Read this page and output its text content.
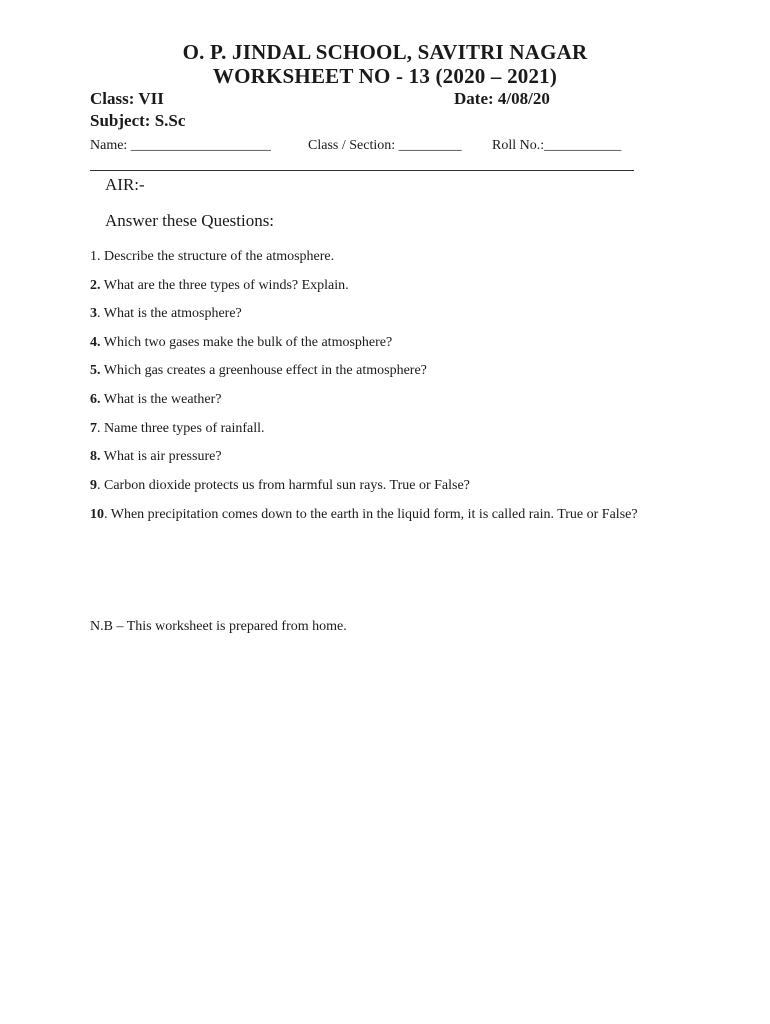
O. P. JINDAL SCHOOL, SAVITRI NAGAR
WORKSHEET NO - 13 (2020 – 2021)
Class: VII	Date: 4/08/20
Subject: S.Sc
Name: ____________________	Class / Section: _________ Roll No.:___________
AIR:-
Answer these Questions:
1. Describe the structure of the atmosphere.
2. What are the three types of winds? Explain.
3. What is the atmosphere?
4. Which two gases make the bulk of the atmosphere?
5. Which gas creates a greenhouse effect in the atmosphere?
6. What is the weather?
7. Name three types of rainfall.
8. What is air pressure?
9. Carbon dioxide protects us from harmful sun rays. True or False?
10. When precipitation comes down to the earth in the liquid form, it is called rain. True or False?
N.B – This worksheet is prepared from home.
